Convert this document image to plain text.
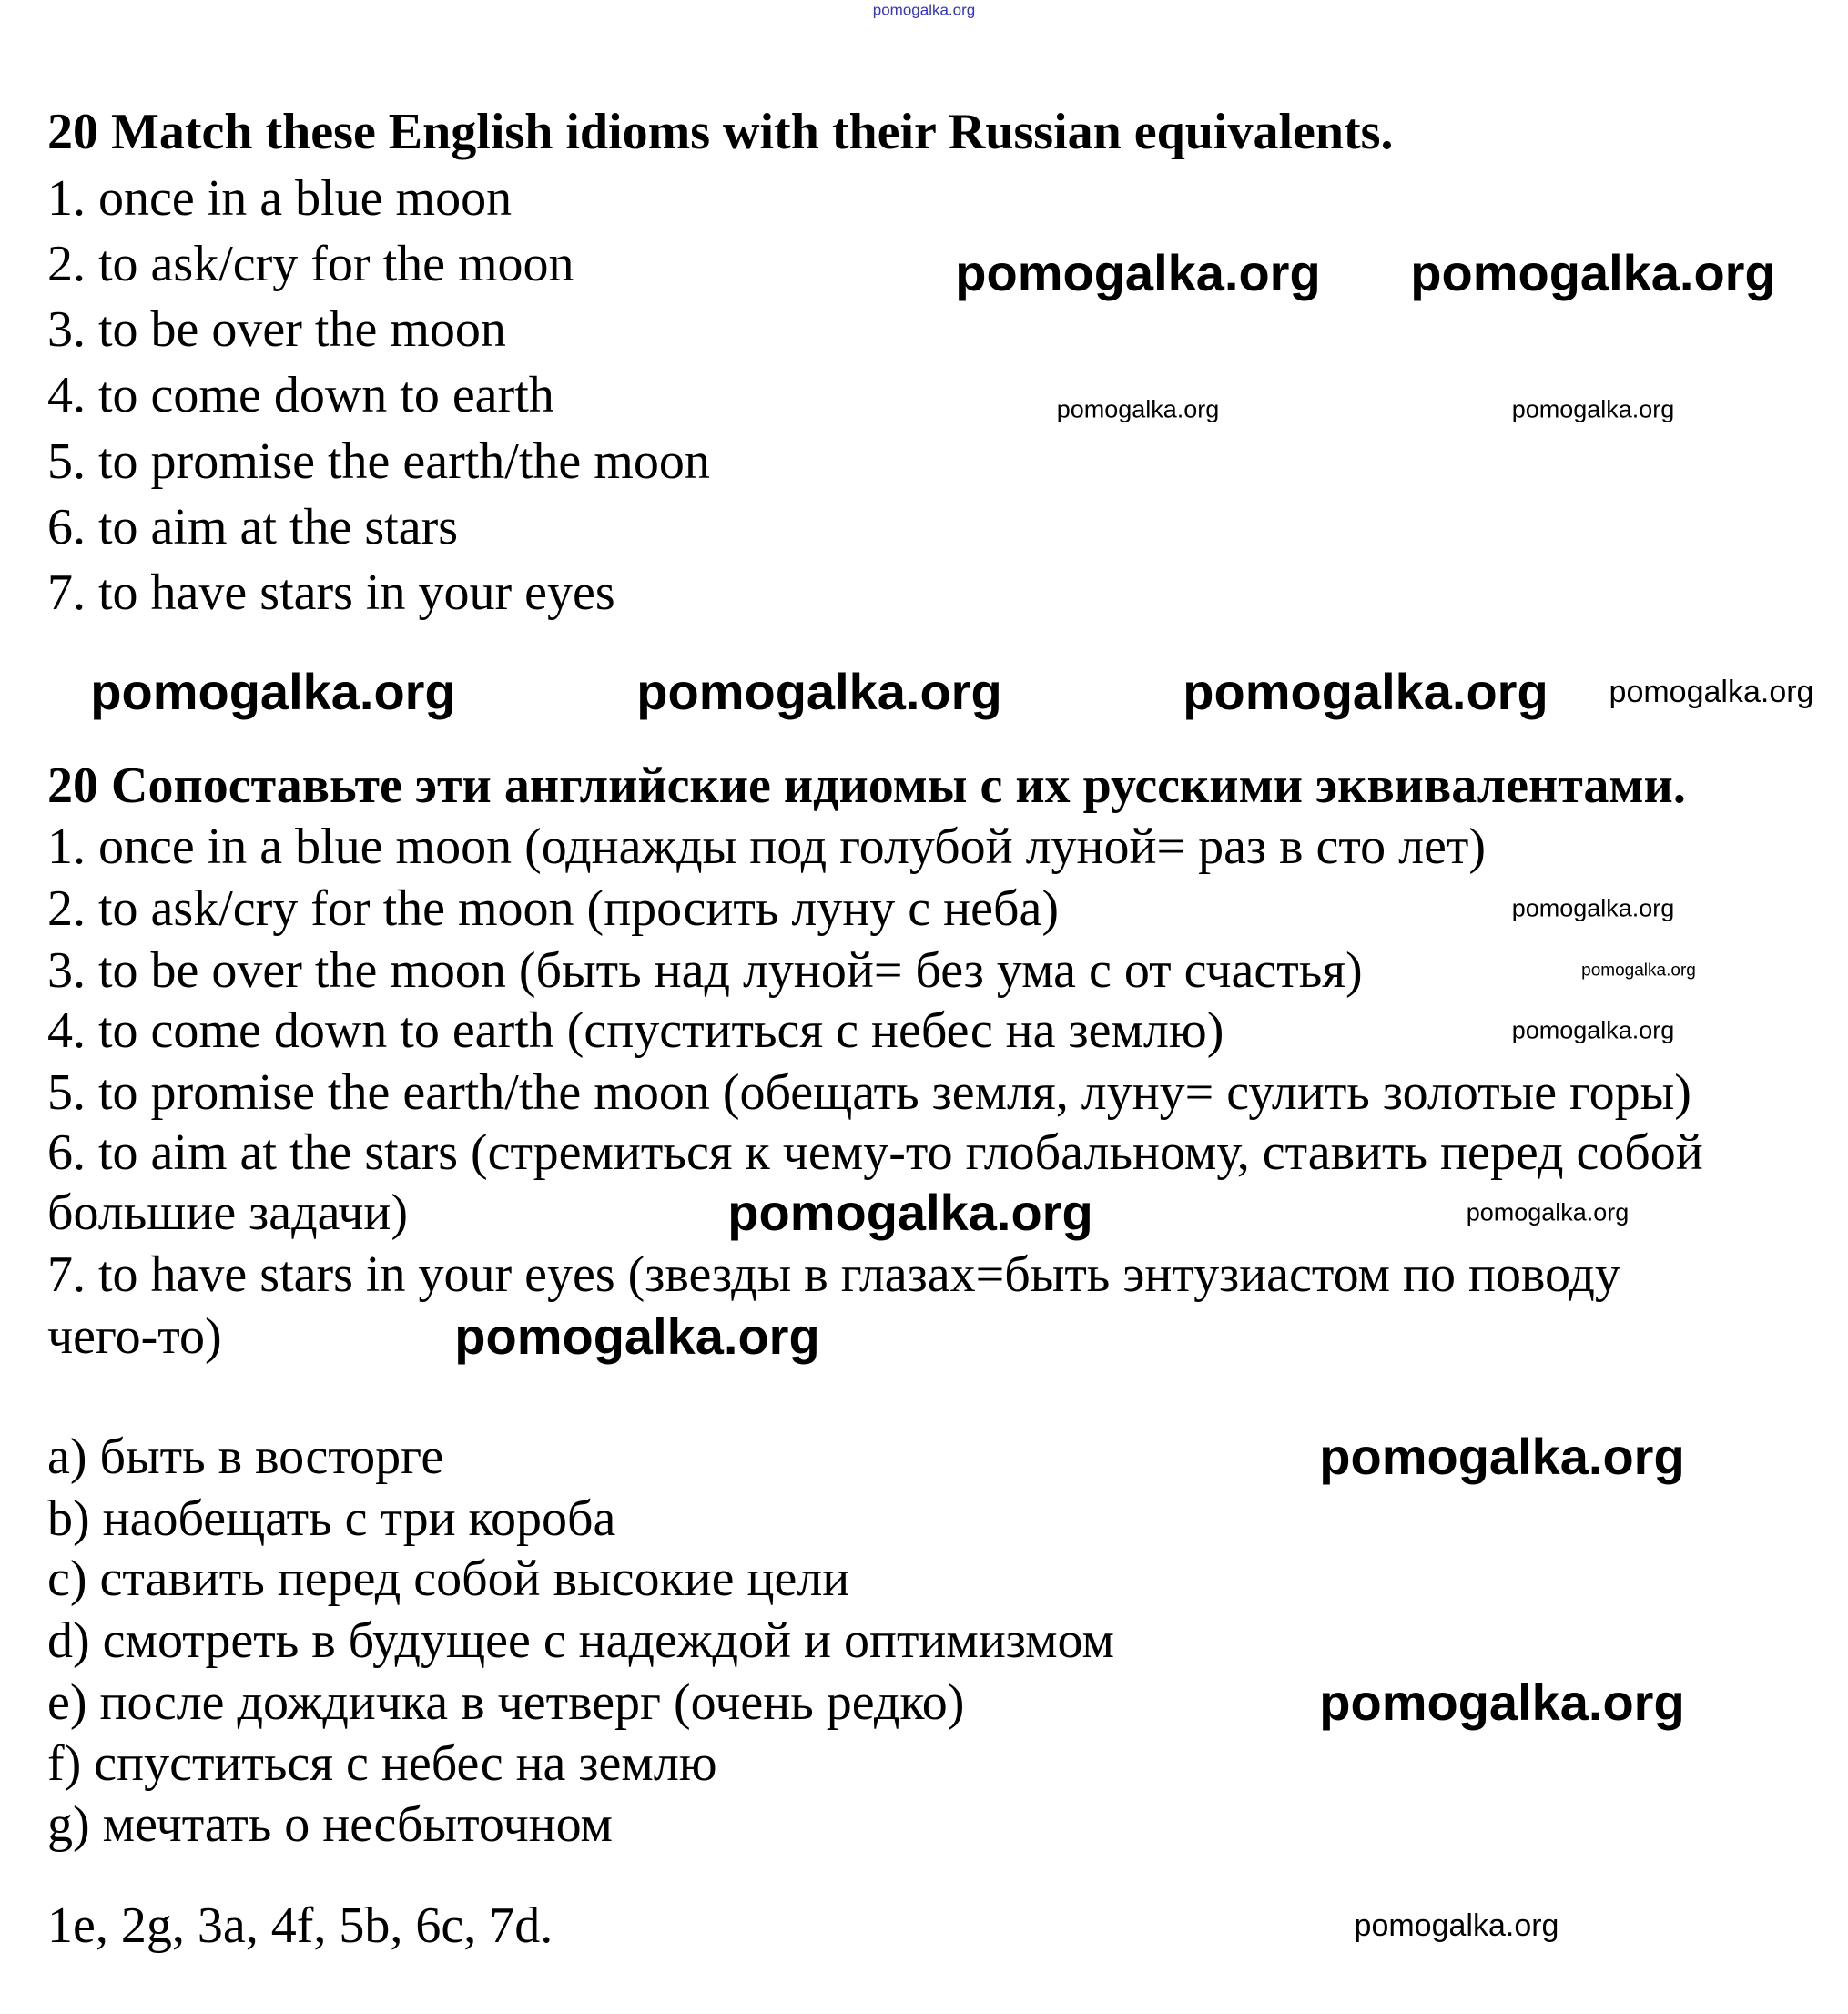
20 Match these English idioms with their Russian equivalents.
1. once in a blue moon
2. to ask/cry for the moon
3. to be over the moon
4. to come down to earth
5. to promise the earth/the moon
6. to aim at the stars
7. to have stars in your eyes
20 Сопоставьте эти английские идиомы с их русскими эквивалентами.
1. once in a blue moon (однажды под голубой луной= раз в сто лет)
2. to ask/cry for the moon (просить луну с неба)
3. to be over the moon (быть над луной= без ума с от счастья)
4. to come down to earth (спуститься с небес на землю)
5. to promise the earth/the moon (обещать земля, луну= сулить золотые горы)
6. to aim at the stars (стремиться к чему-то глобальному, ставить перед собой
большие задачи)
7. to have stars in your eyes (звезды в глазах=быть энтузиастом по поводу
чего-то)
a) быть в восторге
b) наобещать с три короба
c) ставить перед собой высокие цели
d) смотреть в будущее с надеждой и оптимизмом
e) после дождичка в четверг (очень редко)
f) спуститься с небес на землю
g) мечтать о несбыточном
1e, 2g, 3a, 4f, 5b, 6c, 7d.
pomogalka.org
pomogalka.org pomogalka.org
pomogalka.org	pomogalka.org
pomogalka.org	pomogalka.org	pomogalka.org pomogalka.org
pomogalka.org
pomogalka.org
pomogalka.org
pomogalka.org	pomogalka.org
pomogalka.org
pomogalka.org
pomogalka.org
pomogalka.org
